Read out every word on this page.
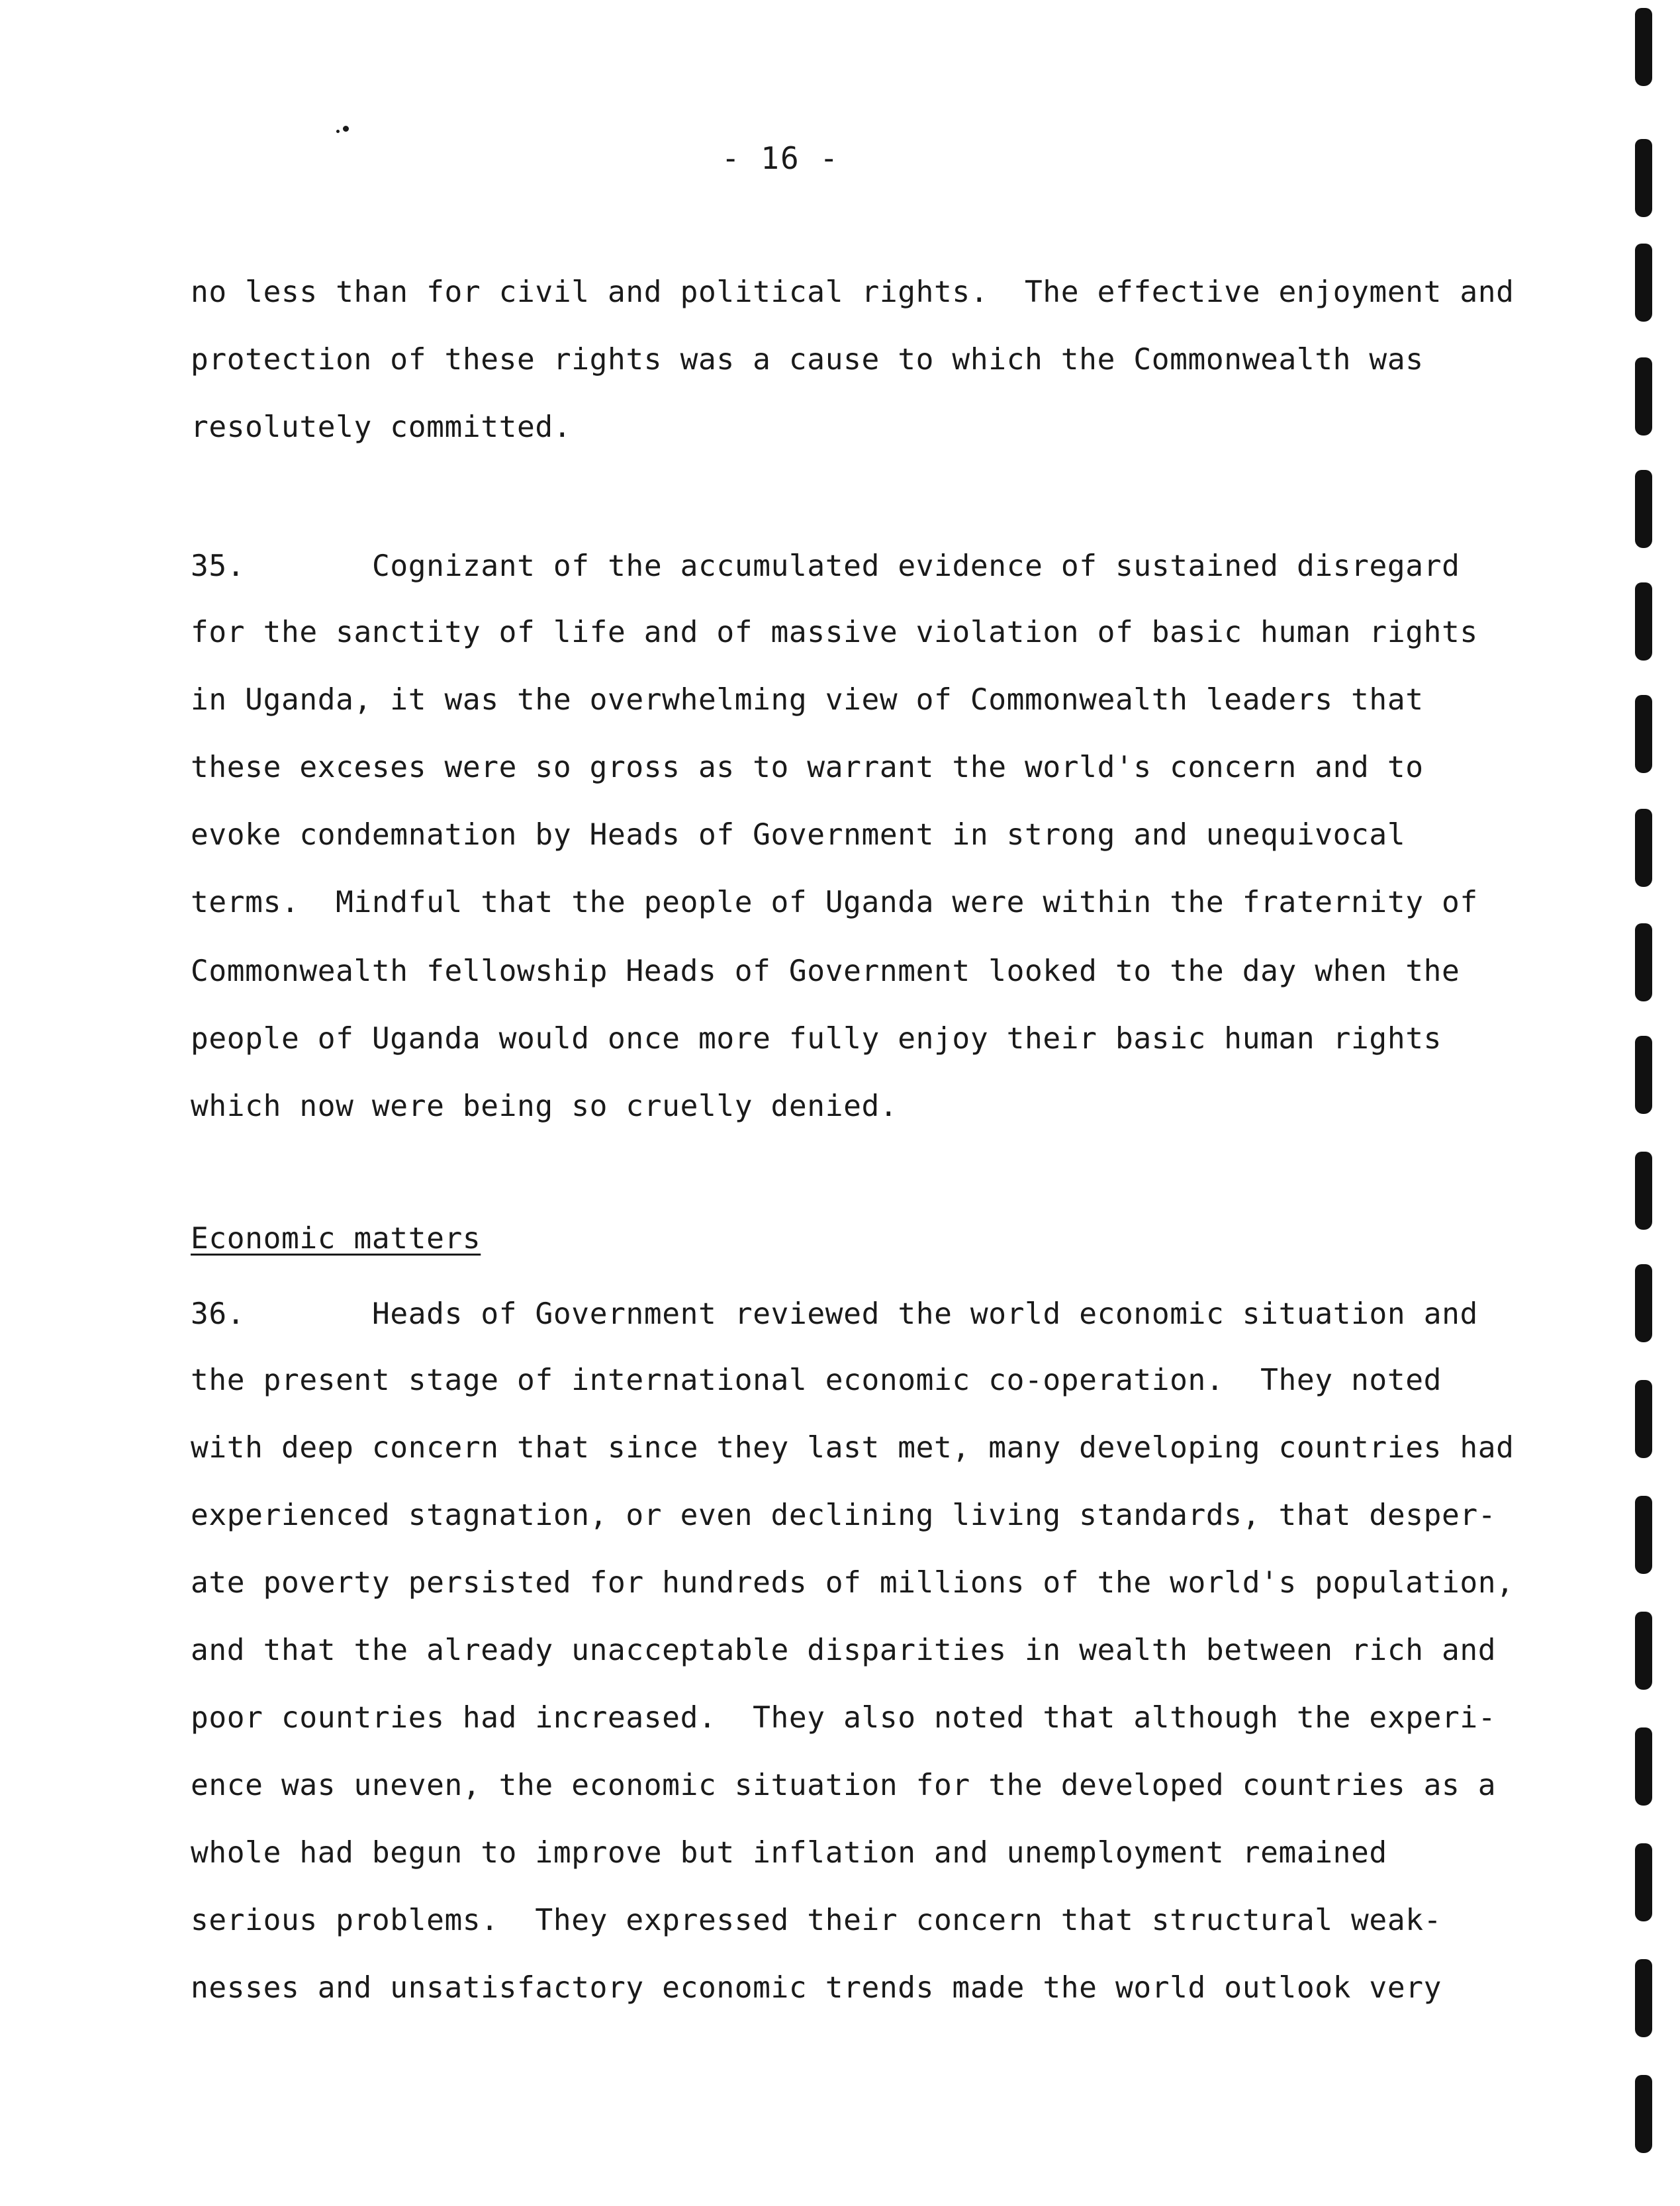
- 16 -
no less than for civil and political rights.  The effective enjoyment and
protection of these rights was a cause to which the Commonwealth was
resolutely committed.
35.	Cognizant of the accumulated evidence of sustained disregard
for the sanctity of life and of massive violation of basic human rights
in Uganda, it was the overwhelming view of Commonwealth leaders that
these exceses were so gross as to warrant the world's concern and to
evoke condemnation by Heads of Government in strong and unequivocal
terms.  Mindful that the people of Uganda were within the fraternity of
Commonwealth fellowship Heads of Government looked to the day when the
people of Uganda would once more fully enjoy their basic human rights
which now were being so cruelly denied.
Economic matters
36.	Heads of Government reviewed the world economic situation and
the present stage of international economic co-operation.  They noted
with deep concern that since they last met, many developing countries had
experienced stagnation, or even declining living standards, that desper-
ate poverty persisted for hundreds of millions of the world's population,
and that the already unacceptable disparities in wealth between rich and
poor countries had increased.  They also noted that although the experi-
ence was uneven, the economic situation for the developed countries as a
whole had begun to improve but inflation and unemployment remained
serious problems.  They expressed their concern that structural weak-
nesses and unsatisfactory economic trends made the world outlook very
